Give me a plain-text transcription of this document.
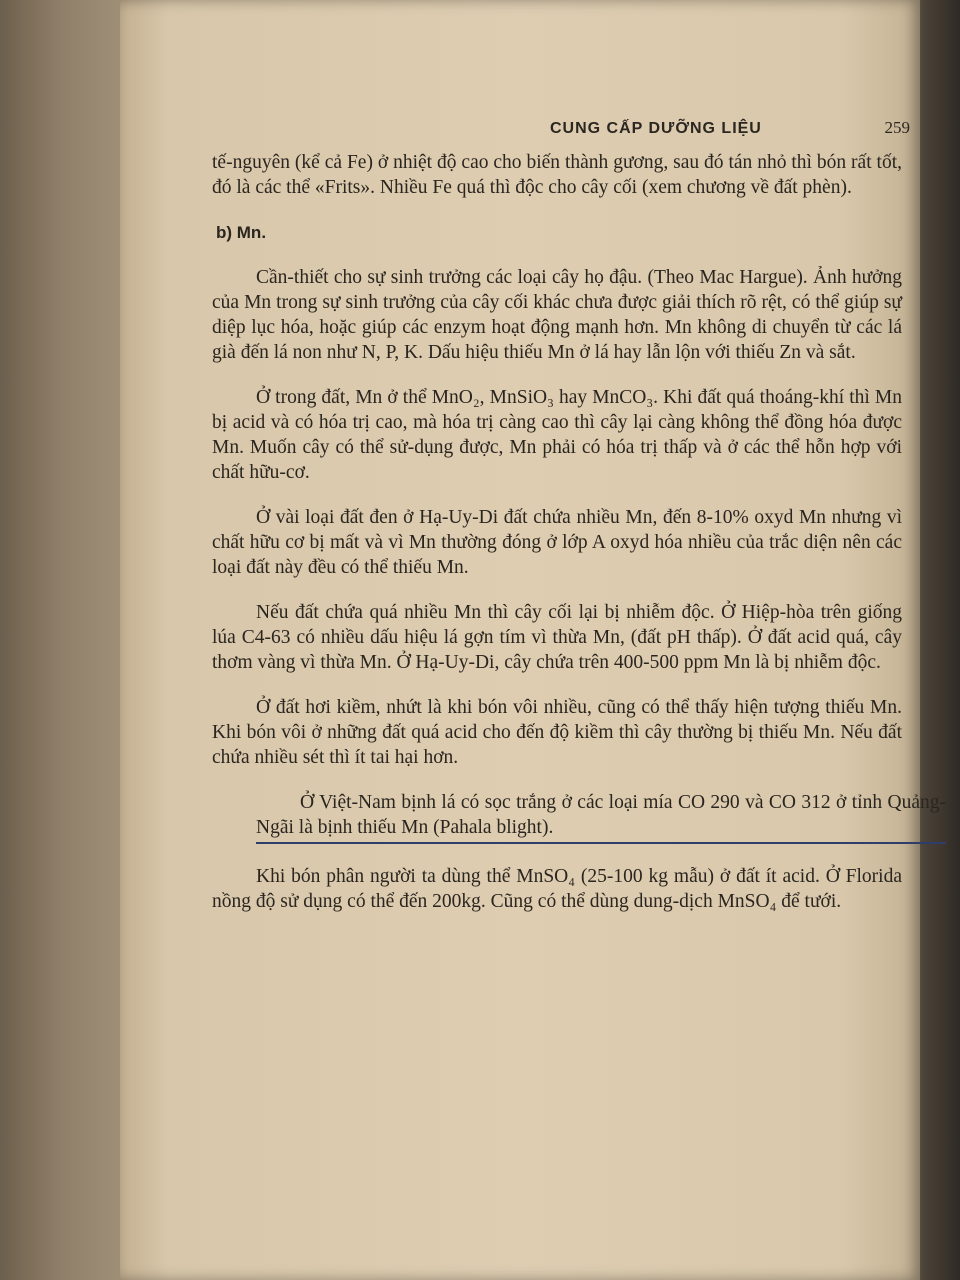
CUNG CẤP DƯỠNG LIỆU	259

tế-nguyên (kể cả Fe) ở nhiệt độ cao cho biến thành gương, sau đó tán nhỏ thì bón rất tốt, đó là các thể «Frits». Nhiều Fe quá thì độc cho cây cối (xem chương về đất phèn).

b) Mn.

Cần-thiết cho sự sinh trưởng các loại cây họ đậu. (Theo Mac Hargue). Ảnh hưởng của Mn trong sự sinh trưởng của cây cối khác chưa được giải thích rõ rệt, có thể giúp sự diệp lục hóa, hoặc giúp các enzym hoạt động mạnh hơn. Mn không di chuyển từ các lá già đến lá non như N, P, K. Dấu hiệu thiếu Mn ở lá hay lẫn lộn với thiếu Zn và sắt.

Ở trong đất, Mn ở thể MnO₂, MnSiO₃ hay MnCO₃. Khi đất quá thoáng-khí thì Mn bị acid và có hóa trị cao, mà hóa trị càng cao thì cây lại càng không thể đồng hóa được Mn. Muốn cây có thể sử-dụng được, Mn phải có hóa trị thấp và ở các thể hỗn hợp với chất hữu-cơ.

Ở vài loại đất đen ở Hạ-Uy-Di đất chứa nhiều Mn, đến 8-10% oxyd Mn nhưng vì chất hữu cơ bị mất và vì Mn thường đóng ở lớp A oxyd hóa nhiều của trắc diện nên các loại đất này đều có thể thiếu Mn.

Nếu đất chứa quá nhiều Mn thì cây cối lại bị nhiễm độc. Ở Hiệp-hòa trên giống lúa C4-63 có nhiều dấu hiệu lá gợn tím vì thừa Mn, (đất pH thấp). Ở đất acid quá, cây thơm vàng vì thừa Mn. Ở Hạ-Uy-Di, cây chứa trên 400-500 ppm Mn là bị nhiễm độc.

Ở đất hơi kiềm, nhứt là khi bón vôi nhiều, cũng có thể thấy hiện tượng thiếu Mn. Khi bón vôi ở những đất quá acid cho đến độ kiềm thì cây thường bị thiếu Mn. Nếu đất chứa nhiều sét thì ít tai hại hơn.

Ở Việt-Nam bịnh lá có sọc trắng ở các loại mía CO 290 và CO 312 ở tỉnh Quảng-Ngãi là bịnh thiếu Mn (Pahala blight).

Khi bón phân người ta dùng thể MnSO₄ (25-100 kg mẫu) ở đất ít acid. Ở Florida nồng độ sử dụng có thể đến 200kg. Cũng có thể dùng dung-dịch MnSO₄ để tưới.
